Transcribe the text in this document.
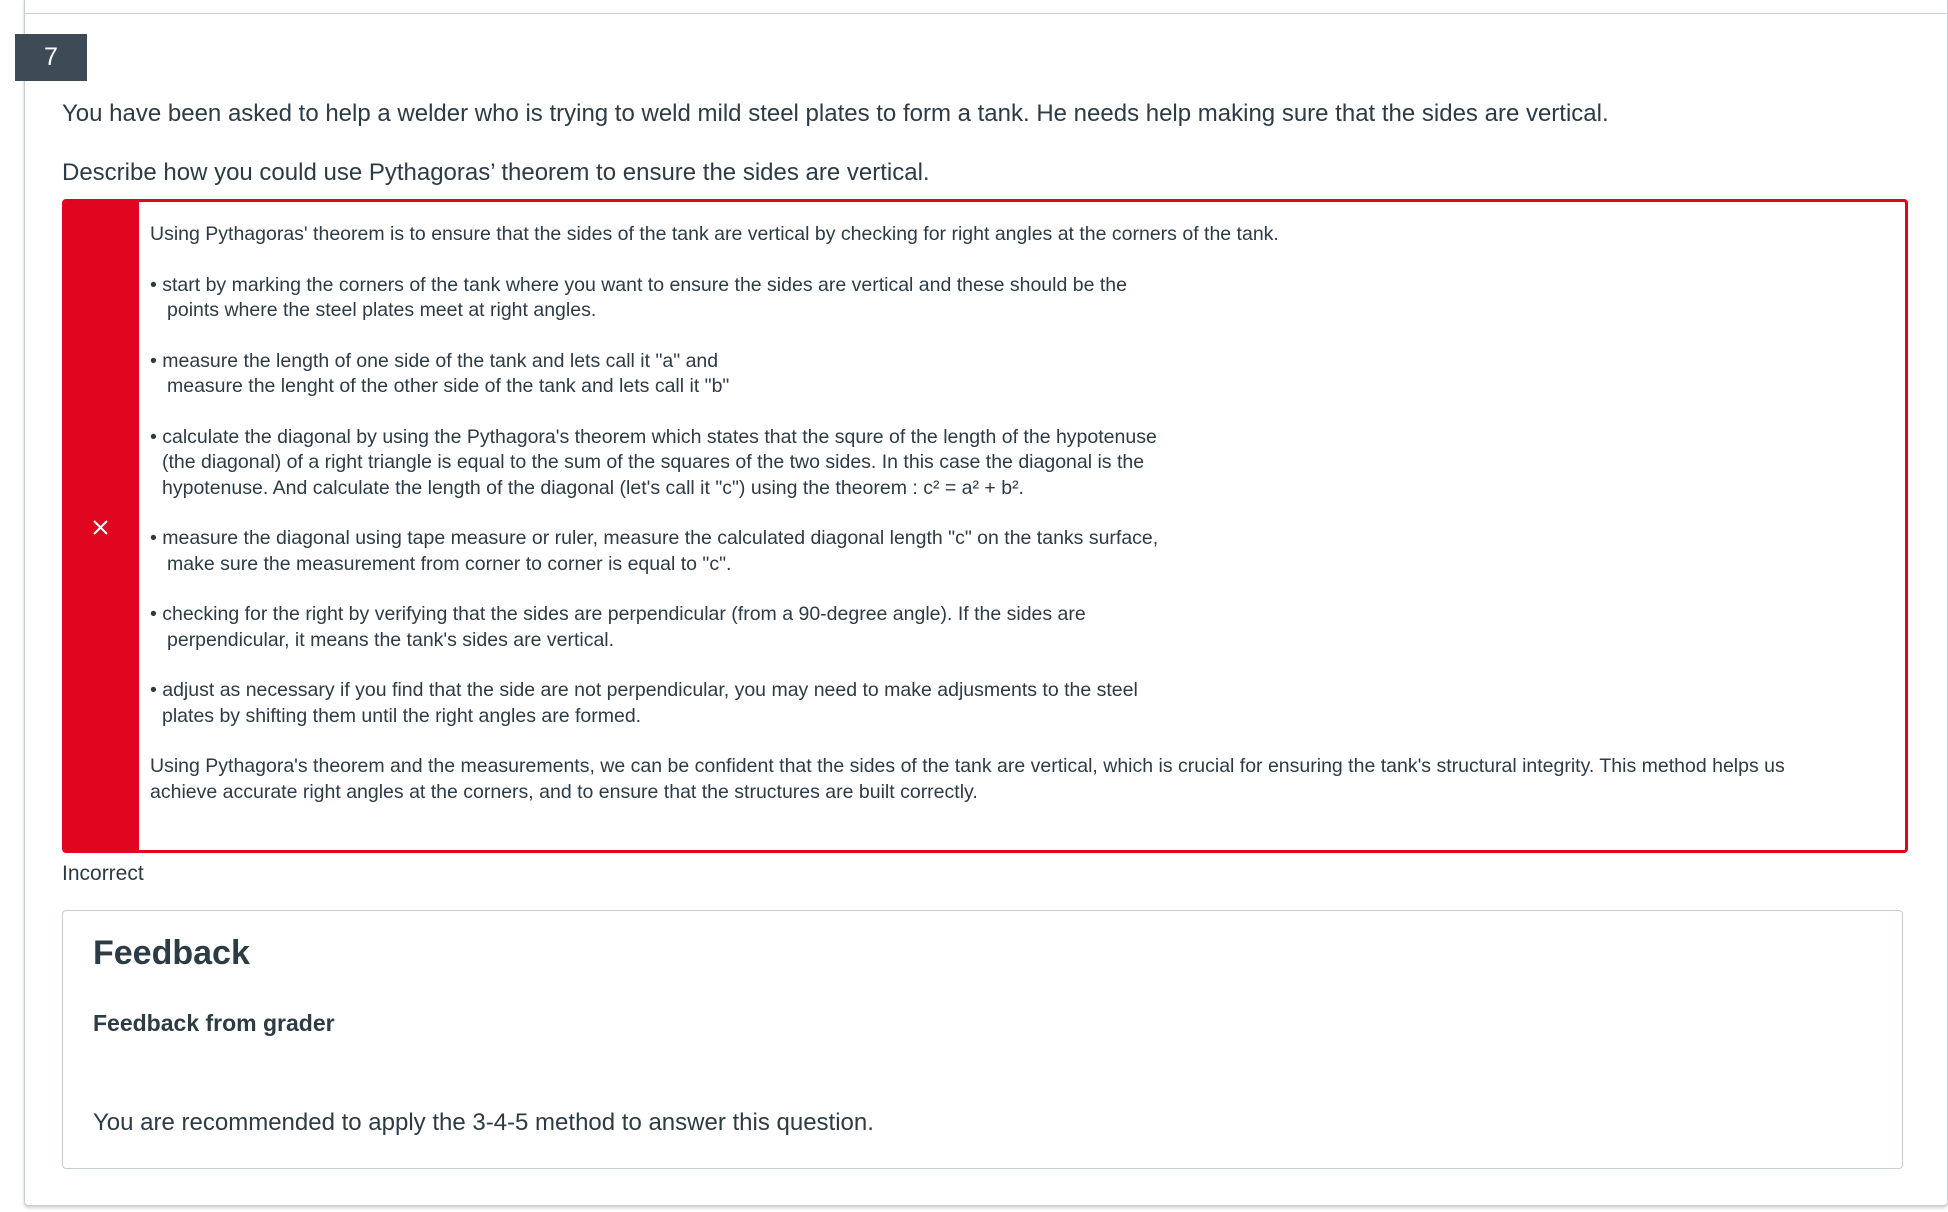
7

You have been asked to help a welder who is trying to weld mild steel plates to form a tank. He needs help making sure that the sides are vertical.

Describe how you could use Pythagoras’ theorem to ensure the sides are vertical.

Using Pythagoras' theorem is to ensure that the sides of the tank are vertical by checking for right angles at the corners of the tank.

• start by marking the corners of the tank where you want to ensure the sides are vertical and these should be the
points where the steel plates meet at right angles.

• measure the length of one side of the tank and lets call it "a" and
measure the lenght of the other side of the tank and lets call it "b"

• calculate the diagonal by using the Pythagora's theorem which states that the squre of the length of the hypotenuse
(the diagonal) of a right triangle is equal to the sum of the squares of the two sides. In this case the diagonal is the
hypotenuse. And calculate the length of the diagonal (let's call it "c") using the theorem : c² = a² + b².

• measure the diagonal using tape measure or ruler, measure the calculated diagonal length "c" on the tanks surface,
make sure the measurement from corner to corner is equal to "c".

• checking for the right by verifying that the sides are perpendicular (from a 90-degree angle). If the sides are
perpendicular, it means the tank's sides are vertical.

• adjust as necessary if you find that the side are not perpendicular, you may need to make adjusments to the steel
plates by shifting them until the right angles are formed.

Using Pythagora's theorem and the measurements, we can be confident that the sides of the tank are vertical, which is crucial for ensuring the tank's structural integrity. This method helps us
achieve accurate right angles at the corners, and to ensure that the structures are built correctly.

Incorrect
Feedback
Feedback from grader

You are recommended to apply the 3-4-5 method to answer this question.
